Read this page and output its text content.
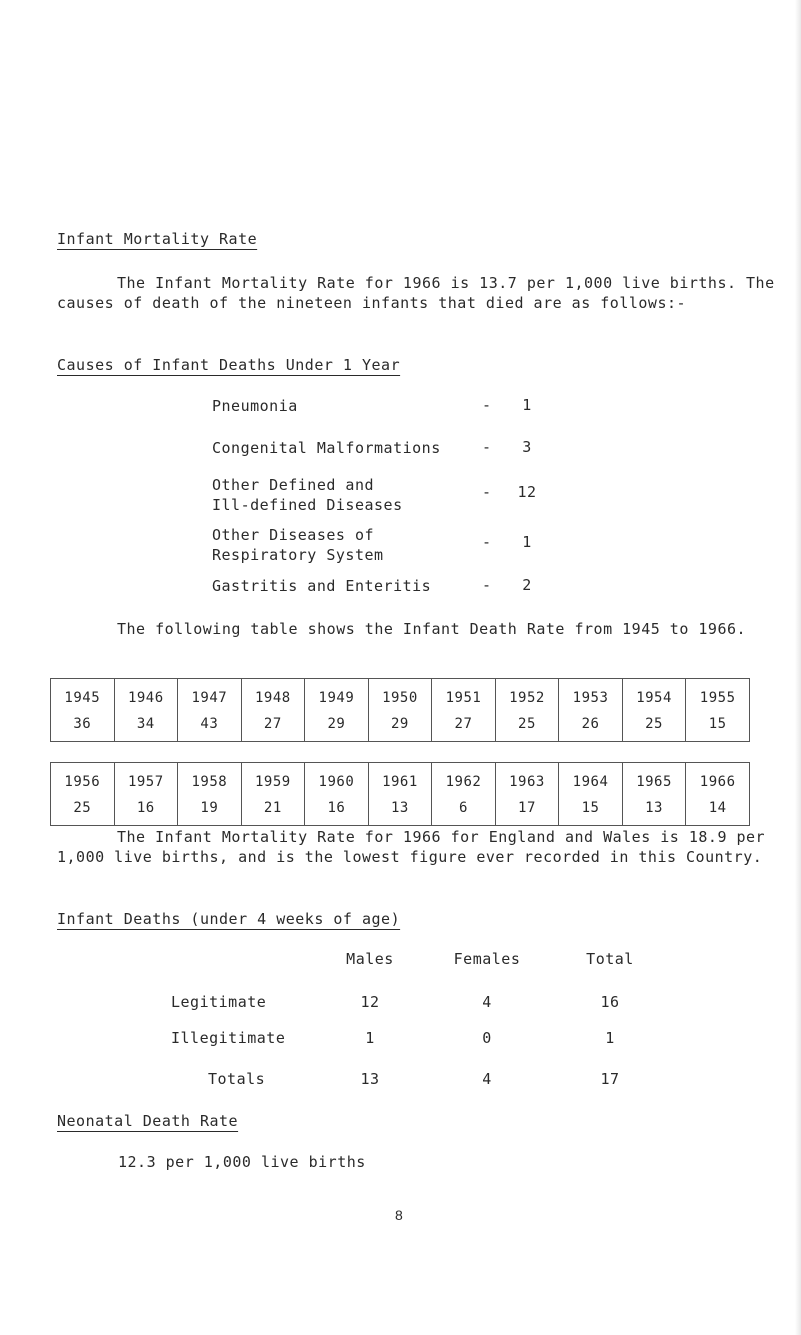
Infant Mortality Rate
The Infant Mortality Rate for 1966 is 13.7 per 1,000 live births. The causes of death of the nineteen infants that died are as follows:-
Causes of Infant Deaths Under 1 Year
Pneumonia	-	1
Congenital Malformations	-	3
Other Defined and
Ill-defined Diseases
-	12
Other Diseases of
Respiratory System
-	1
Gastritis and Enteritis	-	2
The following table shows the Infant Death Rate from 1945 to 1966.
1945	1946	1947	1948	1949	1950	1951	1952	1953	1954	1955
36	34	43	27	29	29	27	25	26	25	15
1956	1957	1958	1959	1960	1961	1962	1963	1964	1965	1966
25	16	19	21	16	13	6	17	15	13	14
The Infant Mortality Rate for 1966 for England and Wales is 18.9 per 1,000 live births, and is the lowest figure ever recorded in this Country.
Infant Deaths (under 4 weeks of age)
Males	Females	Total
Legitimate	12	4	16
Illegitimate	1	0	1
Totals	13	4	17
Neonatal Death Rate
12.3 per 1,000 live births
8
